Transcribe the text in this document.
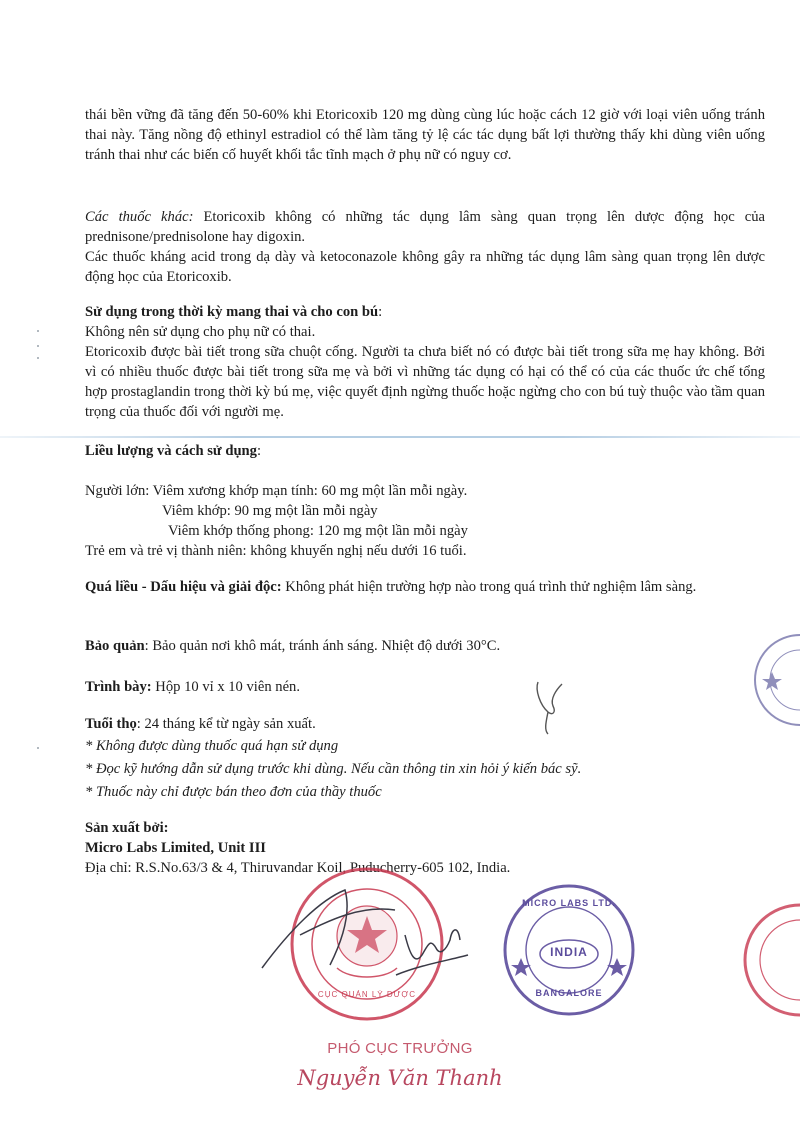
thái bền vững đã tăng đến 50-60% khi Etoricoxib 120 mg dùng cùng lúc hoặc cách 12 giờ với loại viên uống tránh thai này. Tăng nồng độ ethinyl estradiol có thể làm tăng tỷ lệ các tác dụng bất lợi thường thấy khi dùng viên uống tránh thai như các biến cố huyết khối tắc tĩnh mạch ở phụ nữ có nguy cơ.

Các thuốc khác: Etoricoxib không có những tác dụng lâm sàng quan trọng lên dược động học của prednisone/prednisolone hay digoxin.

Các thuốc kháng acid trong dạ dày và ketoconazole không gây ra những tác dụng lâm sàng quan trọng lên dược động học của Etoricoxib.

Sử dụng trong thời kỳ mang thai và cho con bú:

Không nên sử dụng cho phụ nữ có thai.

Etoricoxib được bài tiết trong sữa chuột cống. Người ta chưa biết nó có được bài tiết trong sữa mẹ hay không. Bởi vì có nhiều thuốc được bài tiết trong sữa mẹ và bởi vì những tác dụng có hại có thể có của các thuốc ức chế tổng hợp prostaglandin trong thời kỳ bú mẹ, việc quyết định ngừng thuốc hoặc ngừng cho con bú tuỳ thuộc vào tầm quan trọng của thuốc đối với người mẹ.

Liều lượng và cách sử dụng:

Người lớn: Viêm xương khớp mạn tính: 60 mg một lần mỗi ngày.

Viêm khớp: 90 mg một lần mỗi ngày

Viêm khớp thống phong: 120 mg một lần mỗi ngày

Trẻ em và trẻ vị thành niên: không khuyến nghị nếu dưới 16 tuổi.

Quá liều - Dấu hiệu và giải độc: Không phát hiện trường hợp nào trong quá trình thử nghiệm lâm sàng.

Bảo quản: Bảo quản nơi khô mát, tránh ánh sáng. Nhiệt độ dưới 30°C.

Trình bày: Hộp 10 vỉ x 10 viên nén.

Tuổi thọ: 24 tháng kể từ ngày sản xuất.

* Không được dùng thuốc quá hạn sử dụng

* Đọc kỹ hướng dẫn sử dụng trước khi dùng. Nếu cần thông tin xin hỏi ý kiến bác sỹ.

* Thuốc này chỉ được bán theo đơn của thầy thuốc

Sản xuất bởi:

Micro Labs Limited, Unit III

Địa chỉ: R.S.No.63/3 & 4, Thiruvandar Koil, Puducherry-605 102, India.

INDIA
MICRO LABS LTD.
BANGALORE
CỤC QUẢN LÝ DƯỢC
PHÓ CỤC TRƯỞNG
Nguyễn Văn Thanh
